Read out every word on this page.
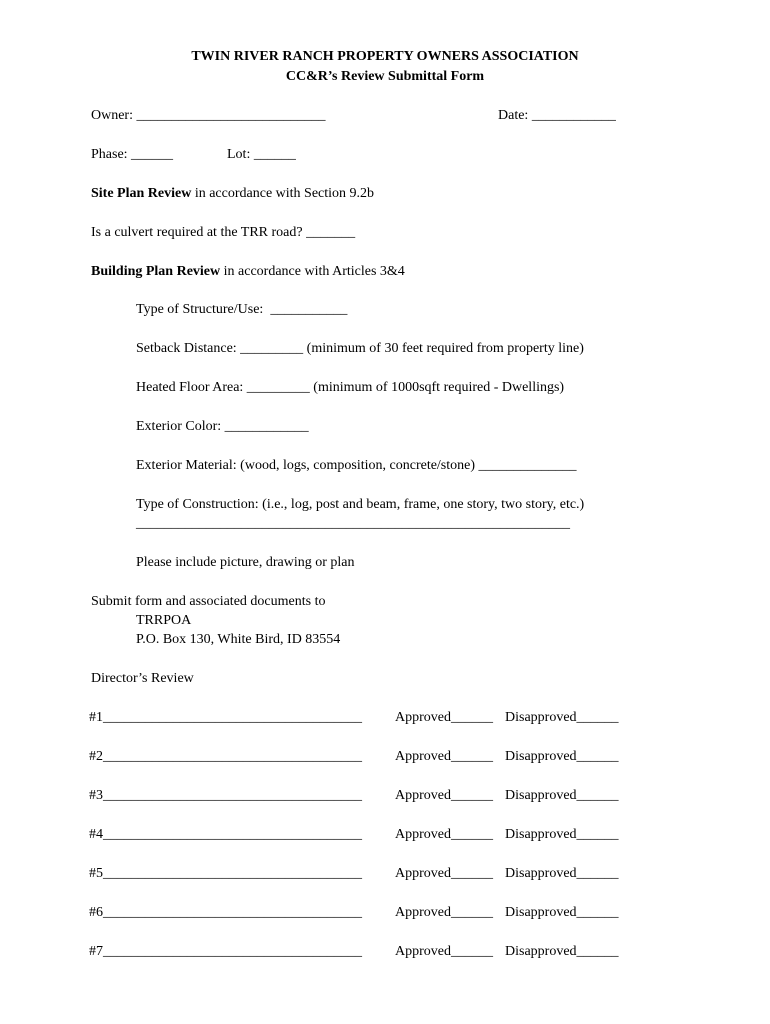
TWIN RIVER RANCH PROPERTY OWNERS ASSOCIATION
CC&R’s Review Submittal Form
Owner: ___________________________	Date: ____________
Phase: ______	Lot: ______
Site Plan Review in accordance with Section 9.2b
Is a culvert required at the TRR road? _______
Building Plan Review in accordance with Articles 3&4
Type of Structure/Use:  ___________
Setback Distance: _________ (minimum of 30 feet required from property line)
Heated Floor Area: _________ (minimum of 1000sqft required - Dwellings)
Exterior Color: ____________
Exterior Material: (wood, logs, composition, concrete/stone) ______________
Type of Construction: (i.e., log, post and beam, frame, one story, two story, etc.)
______________________________________________________________
Please include picture, drawing or plan
Submit form and associated documents to
TRRPOA
P.O. Box 130, White Bird, ID 83554
Director’s Review
#1_____________________________________ Approved______ Disapproved______
#2_____________________________________ Approved______ Disapproved______
#3_____________________________________ Approved______ Disapproved______
#4_____________________________________ Approved______ Disapproved______
#5_____________________________________ Approved______ Disapproved______
#6_____________________________________ Approved______ Disapproved______
#7_____________________________________ Approved______ Disapproved______
